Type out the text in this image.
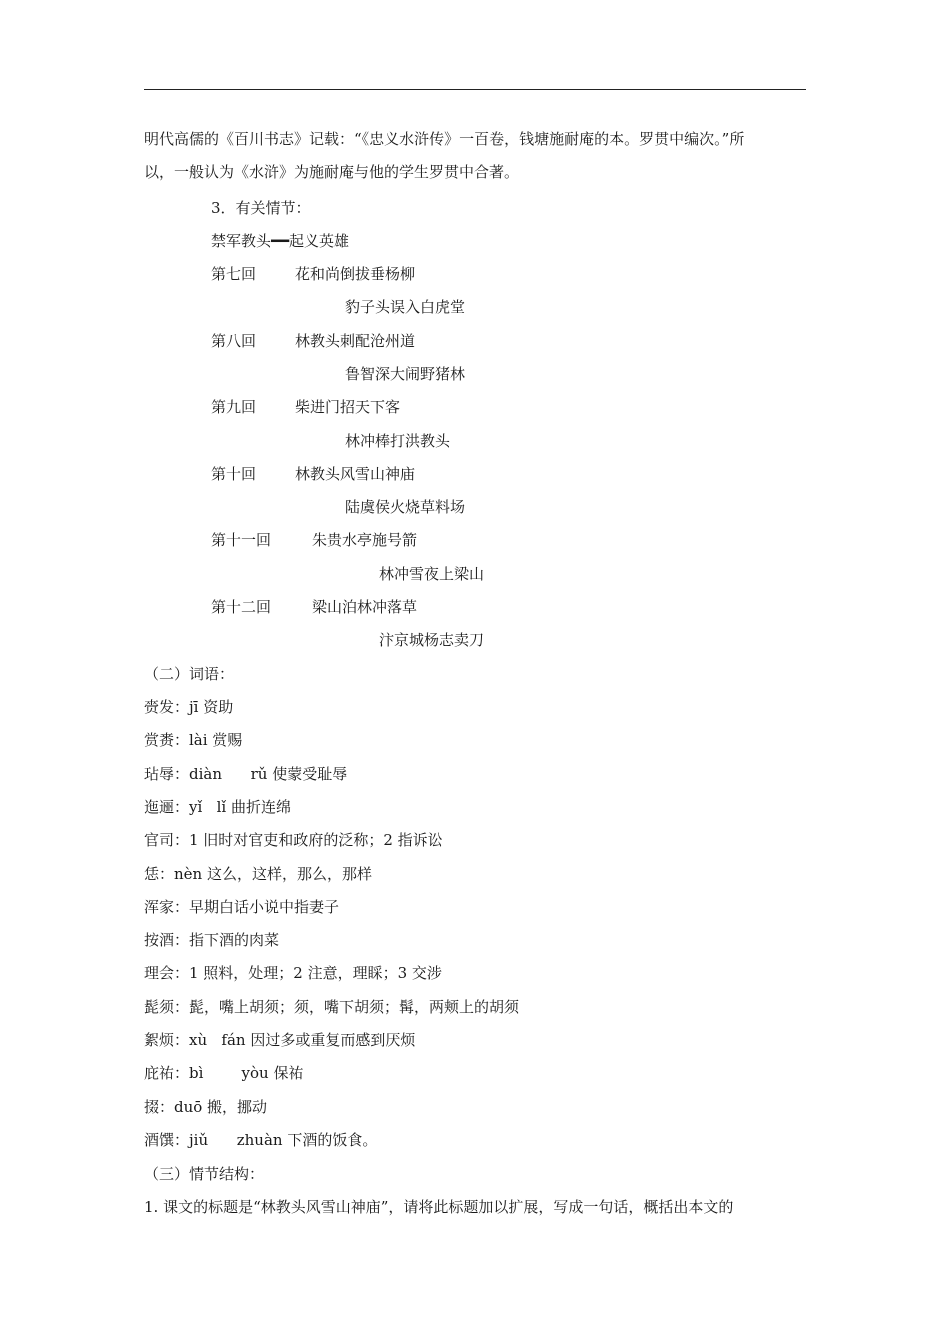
明代高儒的《百川书志》记载：“《忠义水浒传》一百卷，钱塘施耐庵的本。罗贯中编次。”所
以，一般认为《水浒》为施耐庵与他的学生罗贯中合著。
3．有关情节：
禁军教头━━起义英雄
第七回	花和尚倒拔垂杨柳
豹子头误入白虎堂
第八回	林教头刺配沧州道
鲁智深大闹野猪林
第九回	柴进门招天下客
林冲棒打洪教头
第十回	林教头风雪山神庙
陆虞侯火烧草料场
第十一回	朱贵水亭施号箭
林冲雪夜上梁山
第十二回	梁山泊林冲落草
汴京城杨志卖刀
（二）词语：
赍发：jī 资助
赏赉：lài 赏赐
玷辱：diàn      rǔ 使蒙受耻辱
迤逦：yǐ   lǐ 曲折连绵
官司：1 旧时对官吏和政府的泛称；2 指诉讼
恁：nèn 这么，这样，那么，那样
浑家：早期白话小说中指妻子
按酒：指下酒的肉菜
理会：1 照料，处理；2 注意，理睬；3 交涉
髭须：髭，嘴上胡须；须，嘴下胡须；髯，两颊上的胡须
絮烦：xù   fán 因过多或重复而感到厌烦
庇祐：bì        yòu 保祐
掇：duō 搬，挪动
酒馔：jiǔ      zhuàn 下酒的饭食。
（三）情节结构：
1. 课文的标题是“林教头风雪山神庙”，请将此标题加以扩展，写成一句话，概括出本文的
